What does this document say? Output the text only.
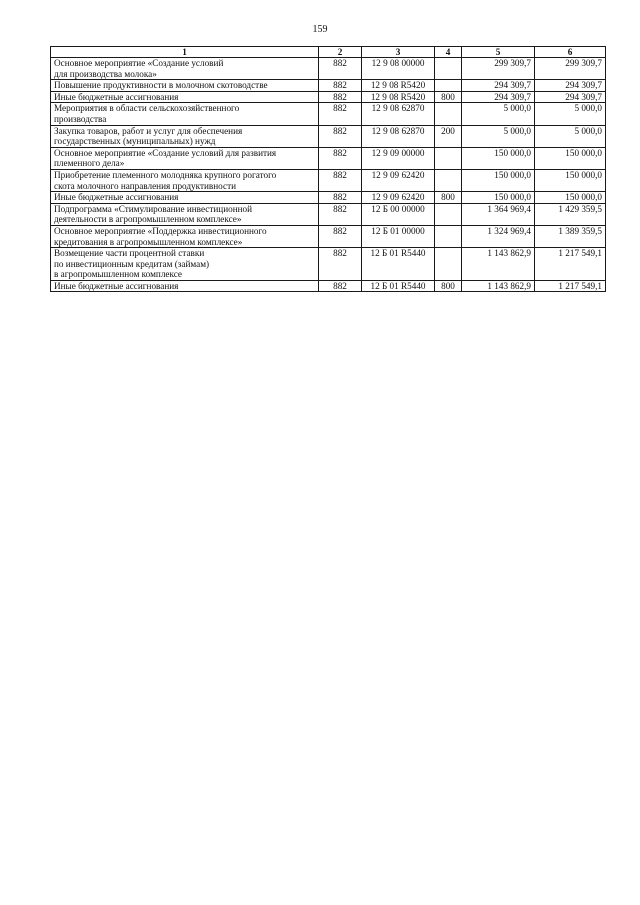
159
1	2	3	4	5	6
Основное мероприятие «Создание условий
для производства молока»	882	12 9 08 00000		299 309,7	299 309,7
Повышение продуктивности в молочном скотоводстве	882	12 9 08 R5420		294 309,7	294 309,7
Иные бюджетные ассигнования	882	12 9 08 R5420	800	294 309,7	294 309,7
Мероприятия в области сельскохозяйственного
производства	882	12 9 08 62870		5 000,0	5 000,0
Закупка товаров, работ и услуг для обеспечения
государственных (муниципальных) нужд	882	12 9 08 62870	200	5 000,0	5 000,0
Основное мероприятие «Создание условий для развития
племенного дела»	882	12 9 09 00000		150 000,0	150 000,0
Приобретение племенного молодняка крупного рогатого
скота молочного направления продуктивности	882	12 9 09 62420		150 000,0	150 000,0
Иные бюджетные ассигнования	882	12 9 09 62420	800	150 000,0	150 000,0
Подпрограмма «Стимулирование инвестиционной
деятельности в агропромышленном комплексе»	882	12 Б 00 00000		1 364 969,4	1 429 359,5
Основное мероприятие «Поддержка инвестиционного
кредитования в агропромышленном комплексе»	882	12 Б 01 00000		1 324 969,4	1 389 359,5
Возмещение части процентной ставки
по инвестиционным кредитам (займам)
в агропромышленном комплексе	882	12 Б 01 R5440		1 143 862,9	1 217 549,1
Иные бюджетные ассигнования	882	12 Б 01 R5440	800	1 143 862,9	1 217 549,1
